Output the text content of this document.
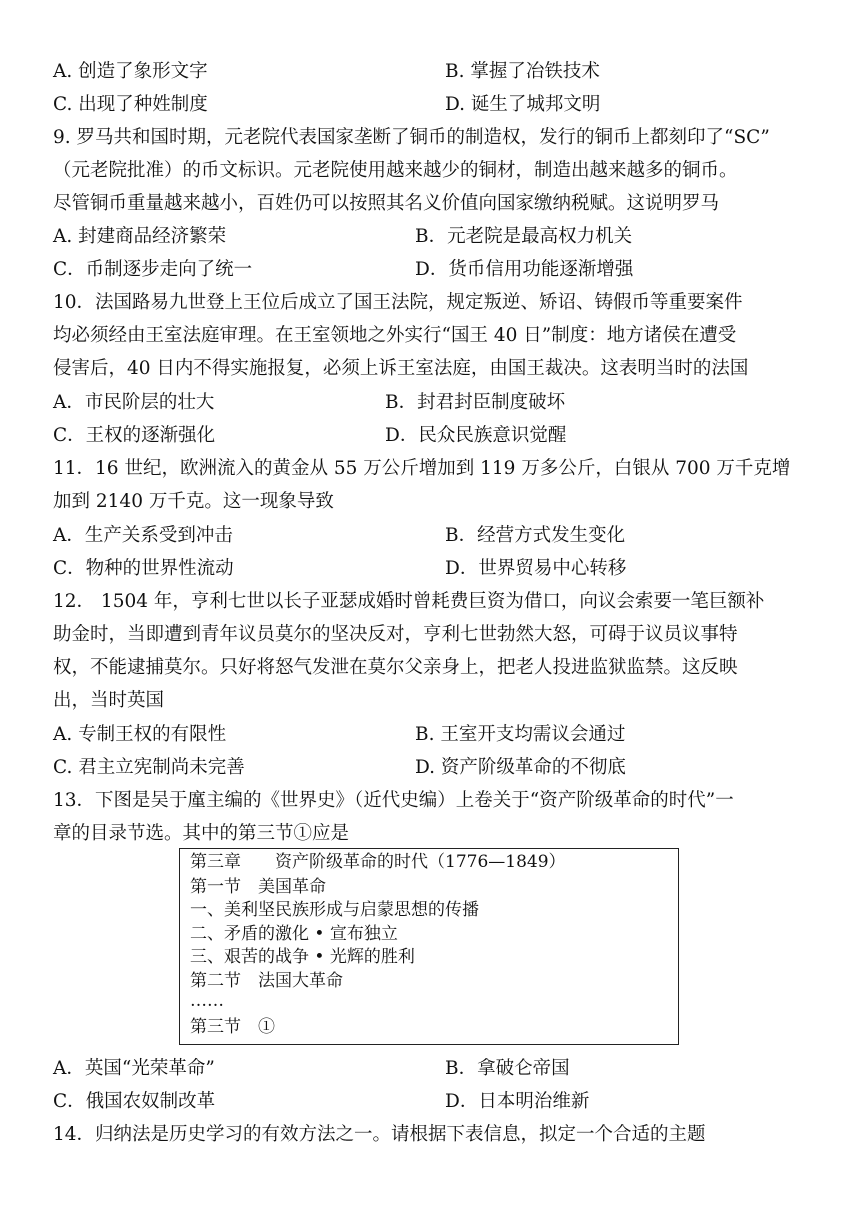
A. 创造了象形文字	B. 掌握了冶铁技术
C. 出现了种姓制度	D. 诞生了城邦文明
9. 罗马共和国时期，元老院代表国家垄断了铜币的制造权，发行的铜币上都刻印了“SC”
（元老院批准）的币文标识。元老院使用越来越少的铜材，制造出越来越多的铜币。
尽管铜币重量越来越小，百姓仍可以按照其名义价值向国家缴纳税赋。这说明罗马
A. 封建商品经济繁荣	B．元老院是最高权力机关
C．币制逐步走向了统一	D．货币信用功能逐渐增强
10．法国路易九世登上王位后成立了国王法院，规定叛逆、矫诏、铸假币等重要案件
均必须经由王室法庭审理。在王室领地之外实行“国王 40 日”制度：地方诸侯在遭受
侵害后，40 日内不得实施报复，必须上诉王室法庭，由国王裁决。这表明当时的法国
A．市民阶层的壮大	B．封君封臣制度破坏
C．王权的逐渐强化	D．民众民族意识觉醒
11．16 世纪，欧洲流入的黄金从 55 万公斤增加到 119 万多公斤，白银从 700 万千克增
加到 2140 万千克。这一现象导致
A．生产关系受到冲击	B．经营方式发生变化
C．物种的世界性流动	D．世界贸易中心转移
12． 1504 年，亨利七世以长子亚瑟成婚时曾耗费巨资为借口，向议会索要一笔巨额补
助金时，当即遭到青年议员莫尔的坚决反对，亨利七世勃然大怒，可碍于议员议事特
权，不能逮捕莫尔。只好将怒气发泄在莫尔父亲身上，把老人投进监狱监禁。这反映
出，当时英国
A. 专制王权的有限性	B. 王室开支均需议会通过
C. 君主立宪制尚未完善	D. 资产阶级革命的不彻底
13．下图是吴于廑主编的《世界史》（近代史编）上卷关于“资产阶级革命的时代”一
章的目录节选。其中的第三节①应是
第三章　　资产阶级革命的时代（1776—1849）
第一节　美国革命
一、美利坚民族形成与启蒙思想的传播
二、矛盾的激化 • 宣布独立
三、艰苦的战争 • 光辉的胜利
第二节　法国大革命
……
第三节　①
A．英国“光荣革命”	B．拿破仑帝国
C．俄国农奴制改革	D．日本明治维新
14．归纳法是历史学习的有效方法之一。请根据下表信息，拟定一个合适的主题
